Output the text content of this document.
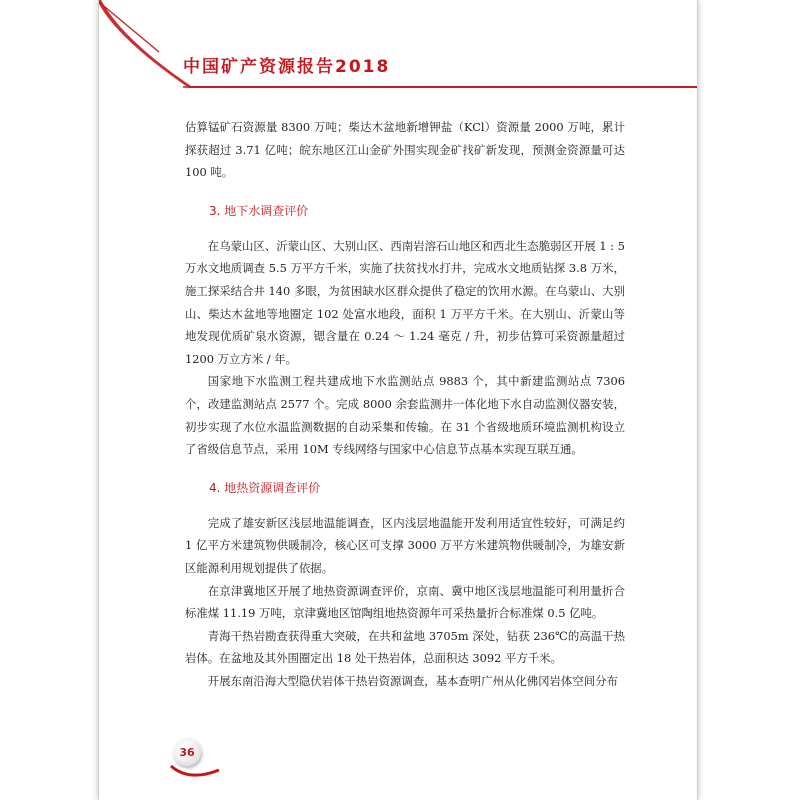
中国矿产资源报告2018

估算锰矿石资源量 8300 万吨；柴达木盆地新增钾盐（KCl）资源量 2000 万吨，累计探获超过 3.71 亿吨；皖东地区江山金矿外围实现金矿找矿新发现，预测金资源量可达 100 吨。

3. 地下水调查评价

在乌蒙山区、沂蒙山区、大别山区、西南岩溶石山地区和西北生态脆弱区开展 1 : 5 万水文地质调查 5.5 万平方千米，实施了扶贫找水打井，完成水文地质钻探 3.8 万米，施工探采结合井 140 多眼，为贫困缺水区群众提供了稳定的饮用水源。在乌蒙山、大别山、柴达木盆地等地圈定 102 处富水地段，面积 1 万平方千米。在大别山、沂蒙山等地发现优质矿泉水资源，锶含量在 0.24 ～ 1.24 毫克 / 升，初步估算可采资源量超过 1200 万立方米 / 年。

国家地下水监测工程共建成地下水监测站点 9883 个，其中新建监测站点 7306 个，改建监测站点 2577 个。完成 8000 余套监测井一体化地下水自动监测仪器安装，初步实现了水位水温监测数据的自动采集和传输。在 31 个省级地质环境监测机构设立了省级信息节点，采用 10M 专线网络与国家中心信息节点基本实现互联互通。

4. 地热资源调查评价

完成了雄安新区浅层地温能调查，区内浅层地温能开发利用适宜性较好，可满足约 1 亿平方米建筑物供暖制冷，核心区可支撑 3000 万平方米建筑物供暖制冷，为雄安新区能源利用规划提供了依据。

在京津冀地区开展了地热资源调查评价，京南、冀中地区浅层地温能可利用量折合标准煤 11.19 万吨，京津冀地区馆陶组地热资源年可采热量折合标准煤 0.5 亿吨。

青海干热岩勘查获得重大突破，在共和盆地 3705m 深处，钻获 236℃的高温干热岩体。在盆地及其外围圈定出 18 处干热岩体，总面积达 3092 平方千米。

开展东南沿海大型隐伏岩体干热岩资源调查，基本查明广州从化佛冈岩体空间分布

36
